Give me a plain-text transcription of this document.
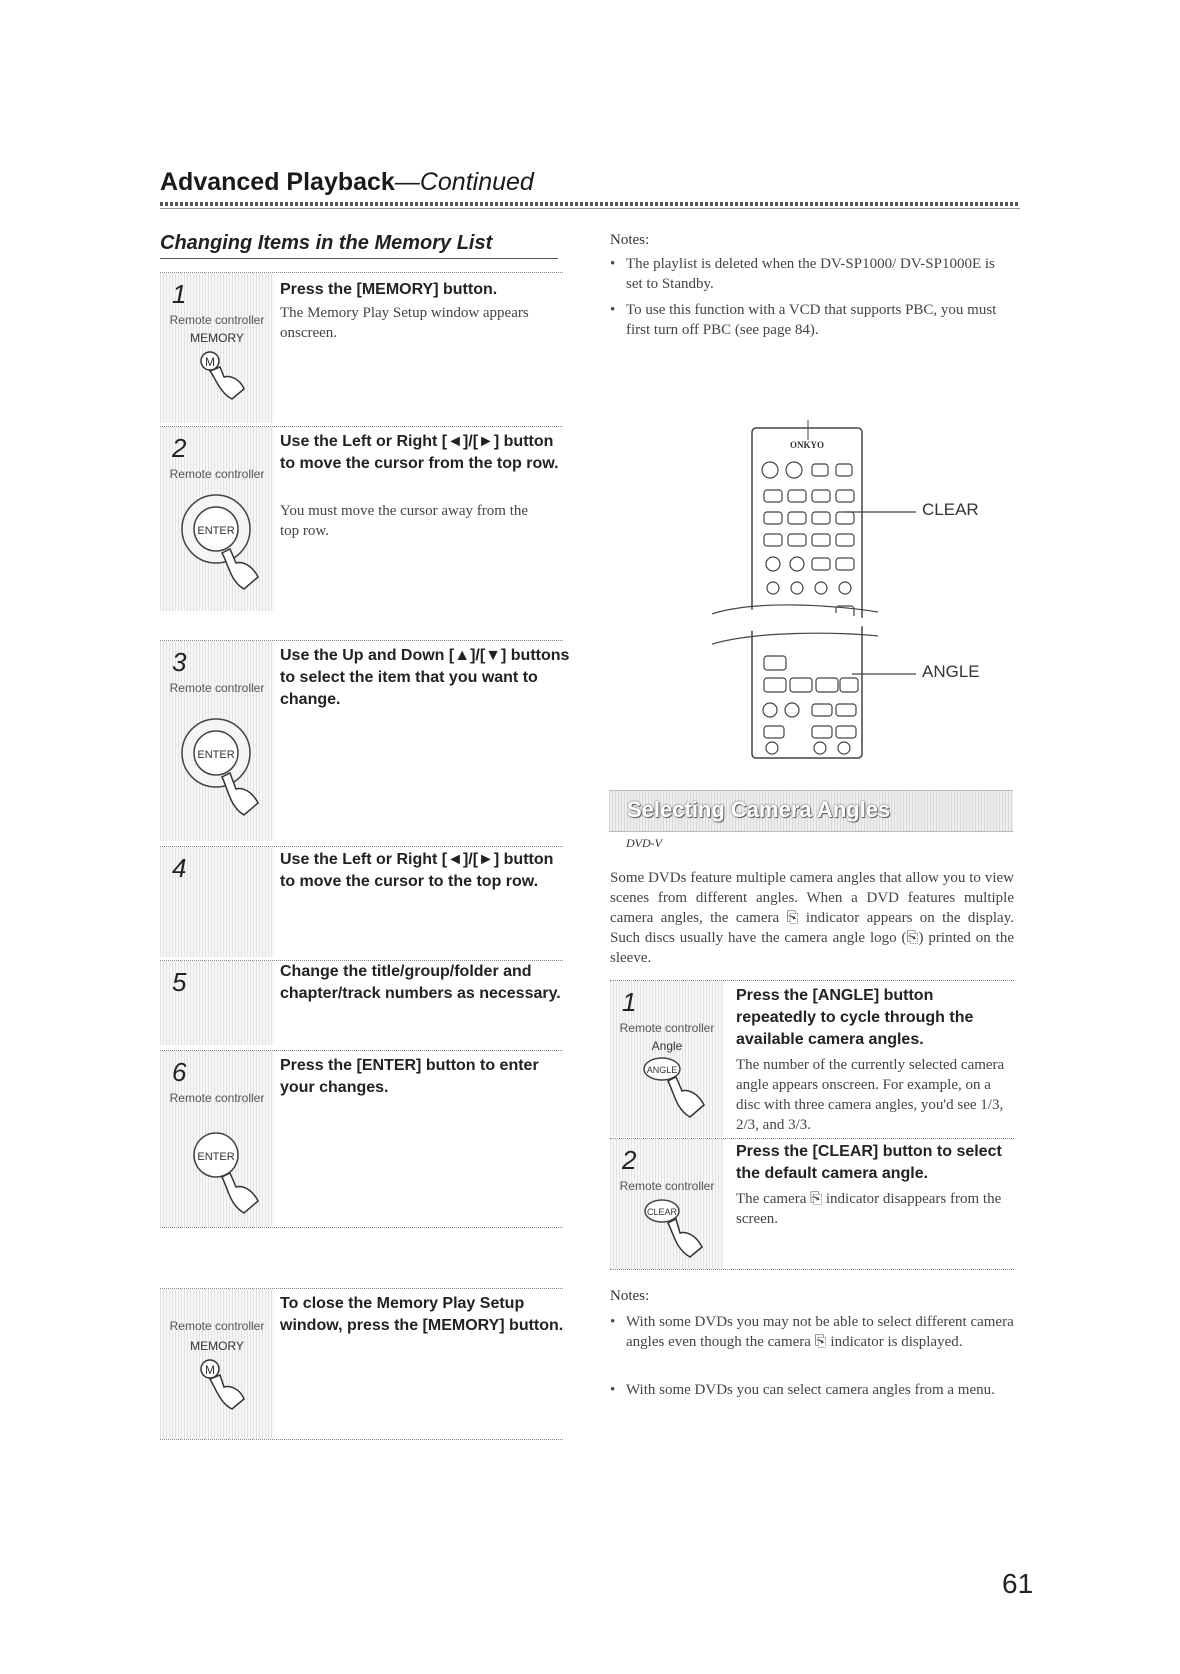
Advanced Playback—Continued
Changing Items in the Memory List
1
Remote controller
MEMORY
M
Press the [MEMORY] button.
The Memory Play Setup window appears onscreen.
2
Remote controller
ENTER
Use the Left or Right [◄]/[►] button to move the cursor from the top row.
You must move the cursor away from the top row.
3
Remote controller
ENTER
Use the Up and Down [▲]/[▼] buttons to select the item that you want to change.
4	Use the Left or Right [◄]/[►] button to move the cursor to the top row.
5	Change the title/group/folder and chapter/track numbers as necessary.
6
Remote controller
ENTER
Press the [ENTER] button to enter your changes.
Remote controller
MEMORY
M
To close the Memory Play Setup window, press the [MEMORY] button.
Notes:
• The playlist is deleted when the DV-SP1000/ DV-SP1000E is set to Standby.
• To use this function with a VCD that supports PBC, you must first turn off PBC (see page 84).
ONKYO
CLEAR
ANGLE
Selecting Camera Angles
DVD-V
Some DVDs feature multiple camera angles that allow you to view scenes from different angles. When a DVD features multiple camera angles, the camera ⎘ indicator appears on the display. Such discs usually have the camera angle logo (⎘) printed on the sleeve.
1
Remote controller
Angle
ANGLE
Press the [ANGLE] button repeatedly to cycle through the available camera angles.
The number of the currently selected camera angle appears onscreen. For example, on a disc with three camera angles, you'd see 1/3, 2/3, and 3/3.
2
Remote controller
CLEAR
Press the [CLEAR] button to select the default camera angle.
The camera ⎘ indicator disappears from the screen.
Notes:
• With some DVDs you may not be able to select different camera angles even though the camera ⎘ indicator is displayed.
• With some DVDs you can select camera angles from a menu.
61
